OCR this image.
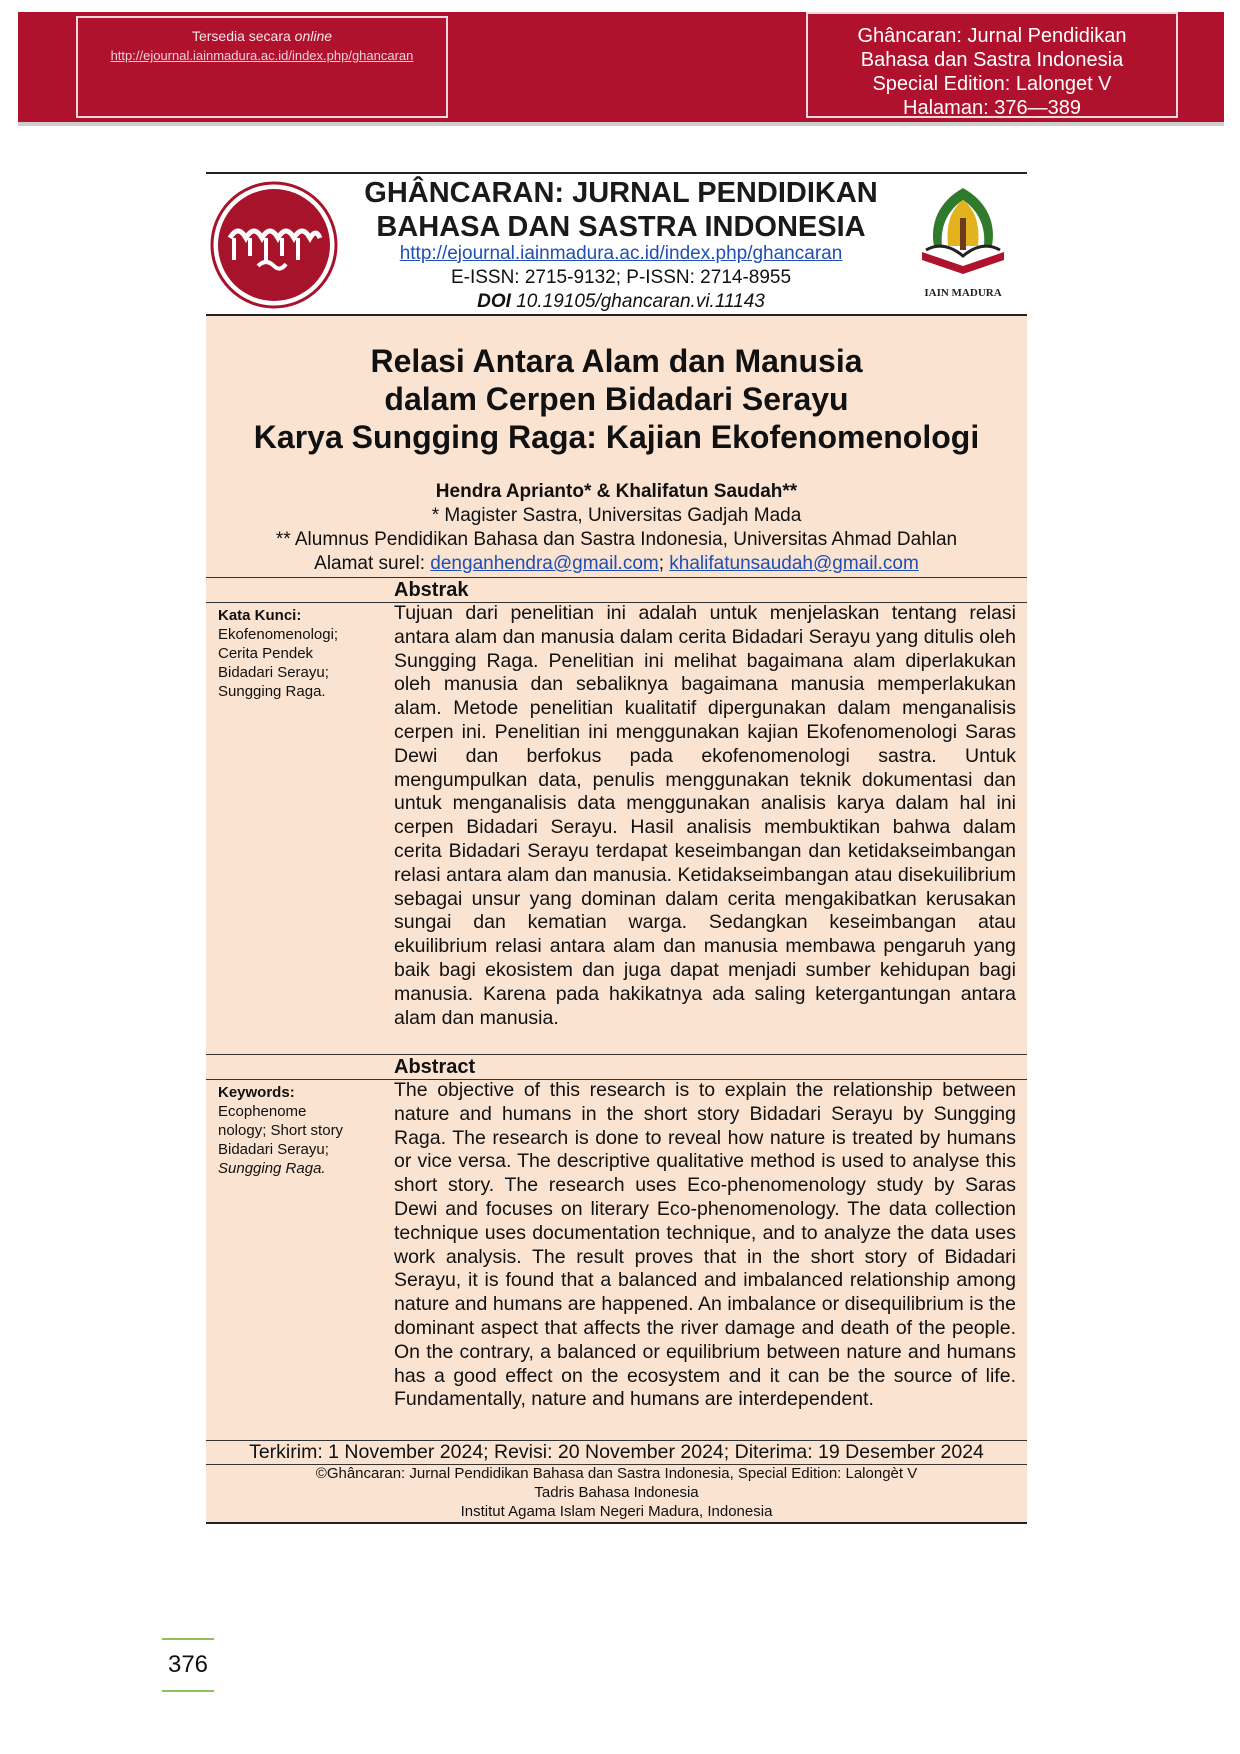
Tersedia secara online
http://ejournal.iainmadura.ac.id/index.php/ghancaran
Ghâncaran: Jurnal Pendidikan
Bahasa dan Sastra Indonesia
Special Edition: Lalonget V
Halaman: 376—389
GHÂNCARAN: JURNAL PENDIDIKAN
BAHASA DAN SASTRA INDONESIA
http://ejournal.iainmadura.ac.id/index.php/ghancaran
E-ISSN: 2715-9132; P-ISSN: 2714-8955
DOI 10.19105/ghancaran.vi.11143	IAIN MADURA
Relasi Antara Alam dan Manusia
dalam Cerpen Bidadari Serayu
Karya Sungging Raga: Kajian Ekofenomenologi
Hendra Aprianto* & Khalifatun Saudah**
* Magister Sastra, Universitas Gadjah Mada
** Alumnus Pendidikan Bahasa dan Sastra Indonesia, Universitas Ahmad Dahlan
Alamat surel: denganhendra@gmail.com; khalifatunsaudah@gmail.com
Abstrak
Kata Kunci:
Ekofenomenologi; Cerita Pendek Bidadari Serayu; Sungging Raga.
Tujuan dari penelitian ini adalah untuk menjelaskan tentang relasi antara alam dan manusia dalam cerita Bidadari Serayu yang ditulis oleh Sungging Raga. Penelitian ini melihat bagaimana alam diperlakukan oleh manusia dan sebaliknya bagaimana manusia memperlakukan alam. Metode penelitian kualitatif dipergunakan dalam menganalisis cerpen ini. Penelitian ini menggunakan kajian Ekofenomenologi Saras Dewi dan berfokus pada ekofenomenologi sastra. Untuk mengumpulkan data, penulis menggunakan teknik dokumentasi dan untuk menganalisis data menggunakan analisis karya dalam hal ini cerpen Bidadari Serayu. Hasil analisis membuktikan bahwa dalam cerita Bidadari Serayu terdapat keseimbangan dan ketidakseimbangan relasi antara alam dan manusia. Ketidakseimbangan atau disekuilibrium sebagai unsur yang dominan dalam cerita mengakibatkan kerusakan sungai dan kematian warga. Sedangkan keseimbangan atau ekuilibrium relasi antara alam dan manusia membawa pengaruh yang baik bagi ekosistem dan juga dapat menjadi sumber kehidupan bagi manusia. Karena pada hakikatnya ada saling ketergantungan antara alam dan manusia.
Abstract
Keywords:
Ecophenome nology; Short story Bidadari Serayu; Sungging Raga.
The objective of this research is to explain the relationship between nature and humans in the short story Bidadari Serayu by Sungging Raga. The research is done to reveal how nature is treated by humans or vice versa. The descriptive qualitative method is used to analyse this short story. The research uses Eco-phenomenology study by Saras Dewi and focuses on literary Eco-phenomenology. The data collection technique uses documentation technique, and to analyze the data uses work analysis. The result proves that in the short story of Bidadari Serayu, it is found that a balanced and imbalanced relationship among nature and humans are happened. An imbalance or disequilibrium is the dominant aspect that affects the river damage and death of the people. On the contrary, a balanced or equilibrium between nature and humans has a good effect on the ecosystem and it can be the source of life. Fundamentally, nature and humans are interdependent.
Terkirim: 1 November 2024; Revisi: 20 November 2024; Diterima: 19 Desember 2024
©Ghâncaran: Jurnal Pendidikan Bahasa dan Sastra Indonesia, Special Edition: Lalongèt V
Tadris Bahasa Indonesia
Institut Agama Islam Negeri Madura, Indonesia
376
